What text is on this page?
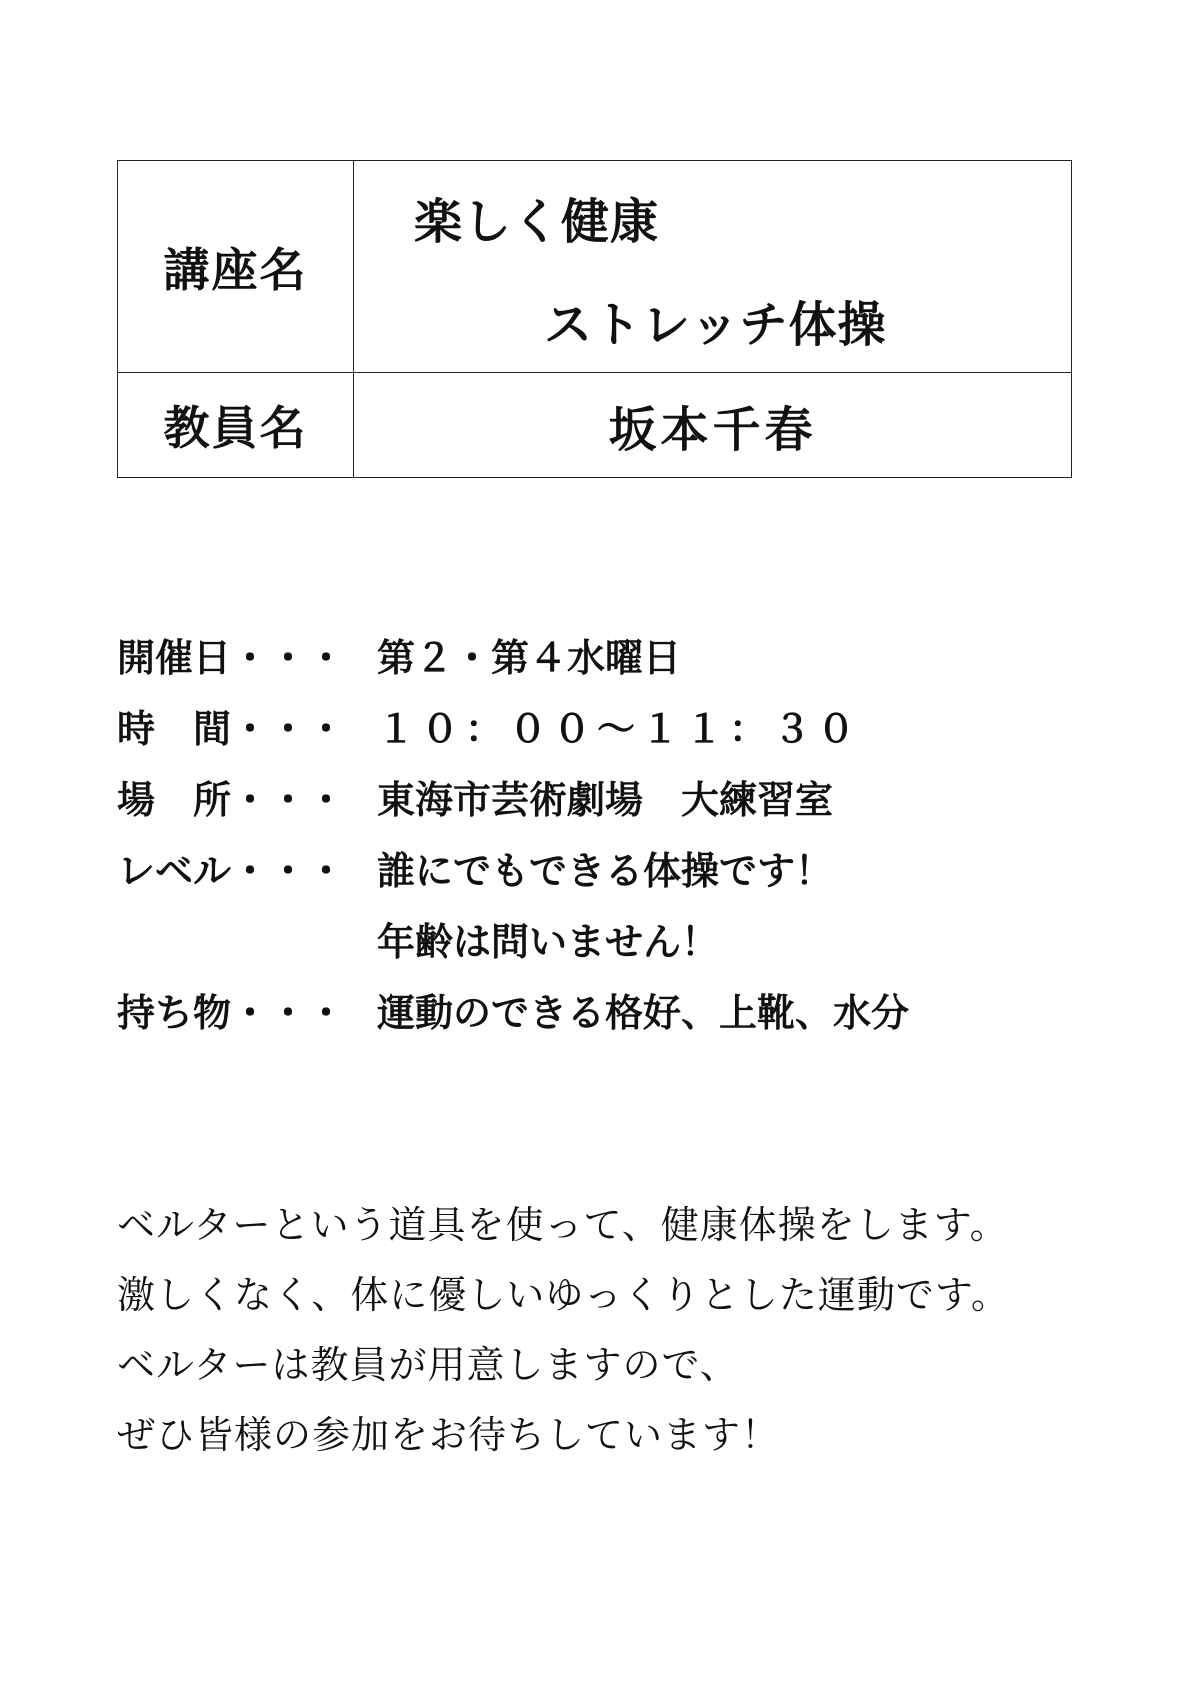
講座名
楽しく健康
ストレッチ体操
教員名	坂本千春
開催日・・・ 第２・第４水曜日
時　間・・・ １０：００～１１：３０
場　所・・・ 東海市芸術劇場　大練習室
レベル・・・ 誰にでもできる体操です！
年齢は問いません！
持ち物・・・ 運動のできる格好、上靴、水分
ベルターという道具を使って、健康体操をします。
激しくなく、体に優しいゆっくりとした運動です。
ベルターは教員が用意しますので、
ぜひ皆様の参加をお待ちしています！
